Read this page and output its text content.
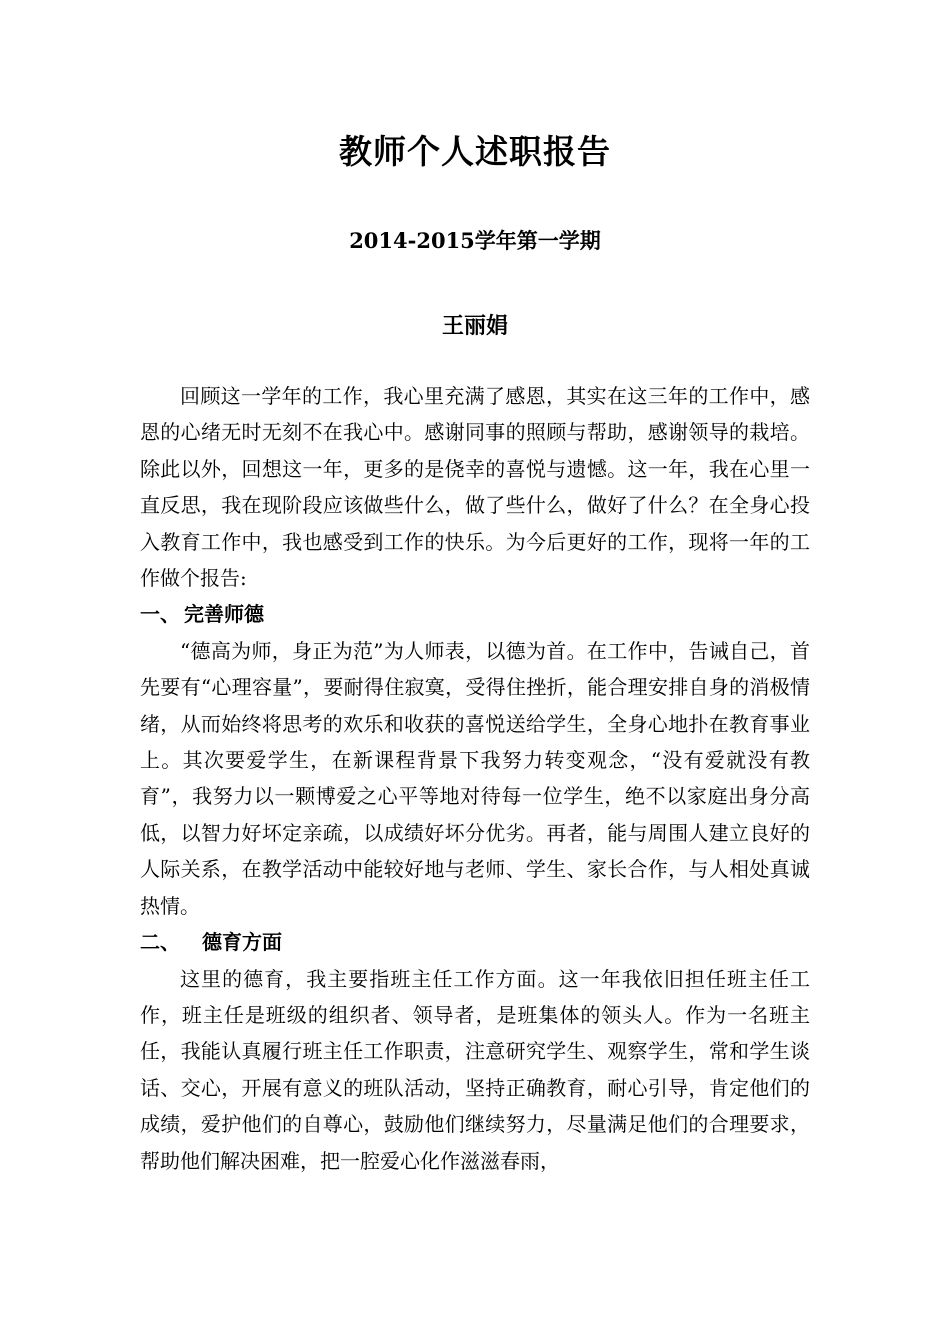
教师个人述职报告
2014-2015学年第一学期
王丽娟

回顾这一学年的工作，我心里充满了感恩，其实在这三年的工作中，感恩的心绪无时无刻不在我心中。感谢同事的照顾与帮助，感谢领导的栽培。除此以外，回想这一年，更多的是侥幸的喜悦与遗憾。这一年，我在心里一直反思，我在现阶段应该做些什么，做了些什么，做好了什么？在全身心投入教育工作中，我也感受到工作的快乐。为今后更好的工作，现将一年的工作做个报告:

一、 完善师德

“德高为师，身正为范”为人师表，以德为首。在工作中，告诫自己，首先要有“心理容量”，要耐得住寂寞，受得住挫折，能合理安排自身的消极情绪，从而始终将思考的欢乐和收获的喜悦送给学生，全身心地扑在教育事业上。其次要爱学生，在新课程背景下我努力转变观念，“没有爱就没有教育”，我努力以一颗博爱之心平等地对待每一位学生，绝不以家庭出身分高低，以智力好坏定亲疏，以成绩好坏分优劣。再者，能与周围人建立良好的人际关系，在教学活动中能较好地与老师、学生、家长合作，与人相处真诚热情。

二、 德育方面

这里的德育，我主要指班主任工作方面。这一年我依旧担任班主任工作，班主任是班级的组织者、领导者，是班集体的领头人。作为一名班主任，我能认真履行班主任工作职责，注意研究学生、观察学生，常和学生谈话、交心，开展有意义的班队活动，坚持正确教育，耐心引导，肯定他们的成绩，爱护他们的自尊心，鼓励他们继续努力，尽量满足他们的合理要求，帮助他们解决困难，把一腔爱心化作滋滋春雨，
